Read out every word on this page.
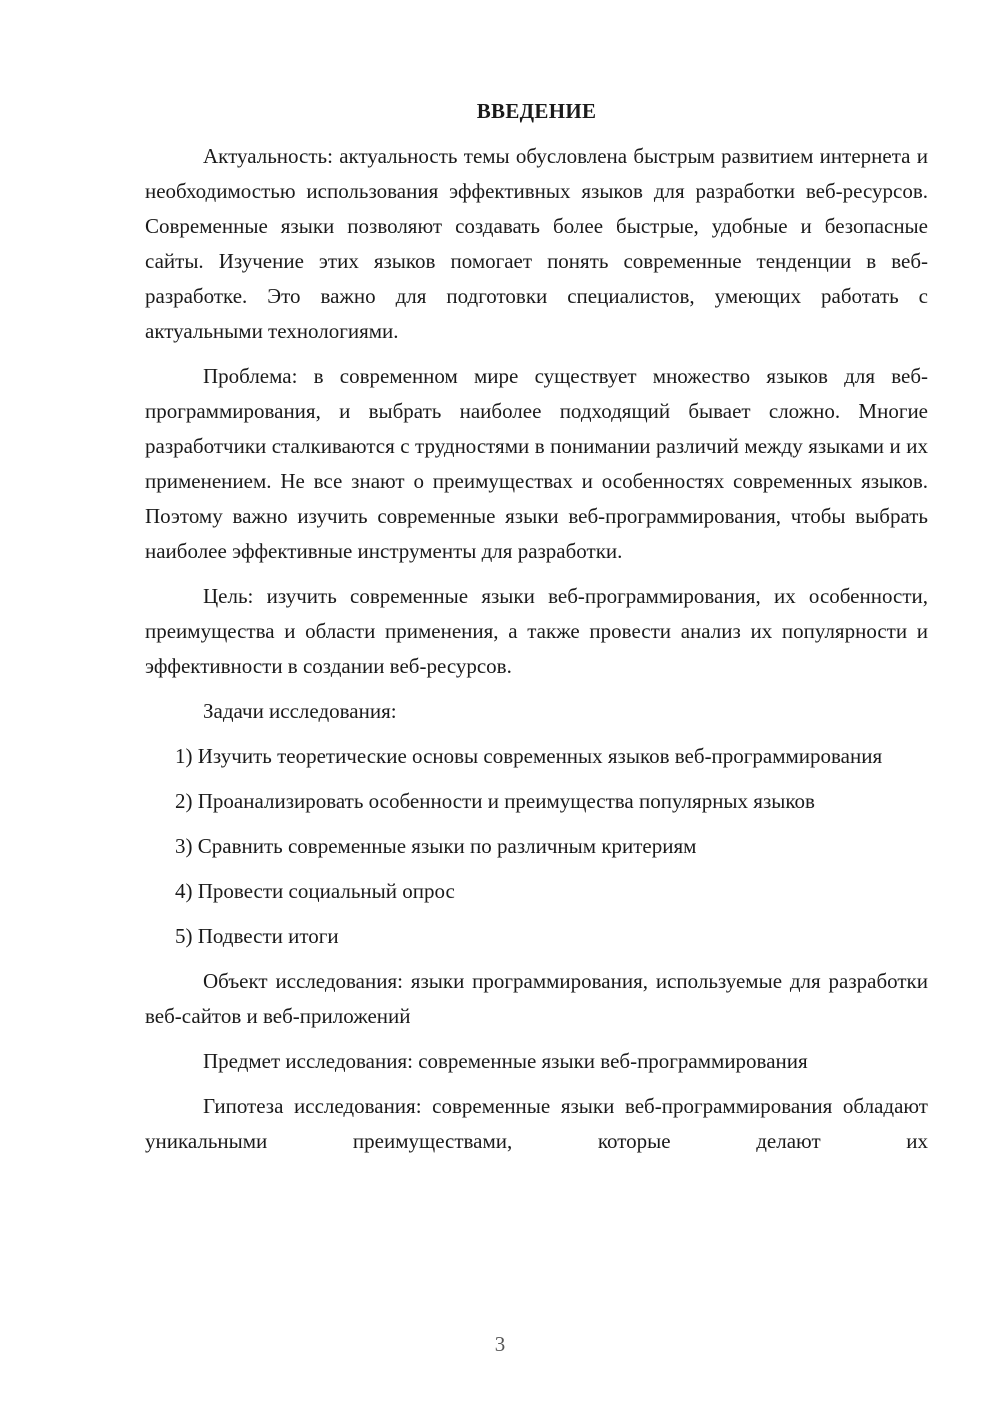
ВВЕДЕНИЕ

Актуальность: актуальность темы обусловлена быстрым развитием интернета и необходимостью использования эффективных языков для разработки веб-ресурсов. Современные языки позволяют создавать более быстрые, удобные и безопасные сайты. Изучение этих языков помогает понять современные тенденции в веб-разработке. Это важно для подготовки специалистов, умеющих работать с актуальными технологиями.

Проблема: в современном мире существует множество языков для веб-программирования, и выбрать наиболее подходящий бывает сложно. Многие разработчики сталкиваются с трудностями в понимании различий между языками и их применением. Не все знают о преимуществах и особенностях современных языков. Поэтому важно изучить современные языки веб-программирования, чтобы выбрать наиболее эффективные инструменты для разработки.

Цель: изучить современные языки веб-программирования, их особенности, преимущества и области применения, а также провести анализ их популярности и эффективности в создании веб-ресурсов.

Задачи исследования:

1) Изучить теоретические основы современных языков веб-программирования

2) Проанализировать особенности и преимущества популярных языков

3) Сравнить современные языки по различным критериям

4) Провести социальный опрос

5) Подвести итоги

Объект исследования: языки программирования, используемые для разработки веб-сайтов и веб-приложений

Предмет исследования: современные языки веб-программирования

Гипотеза исследования: современные языки веб-программирования обладают уникальными преимуществами, которые делают их

3
